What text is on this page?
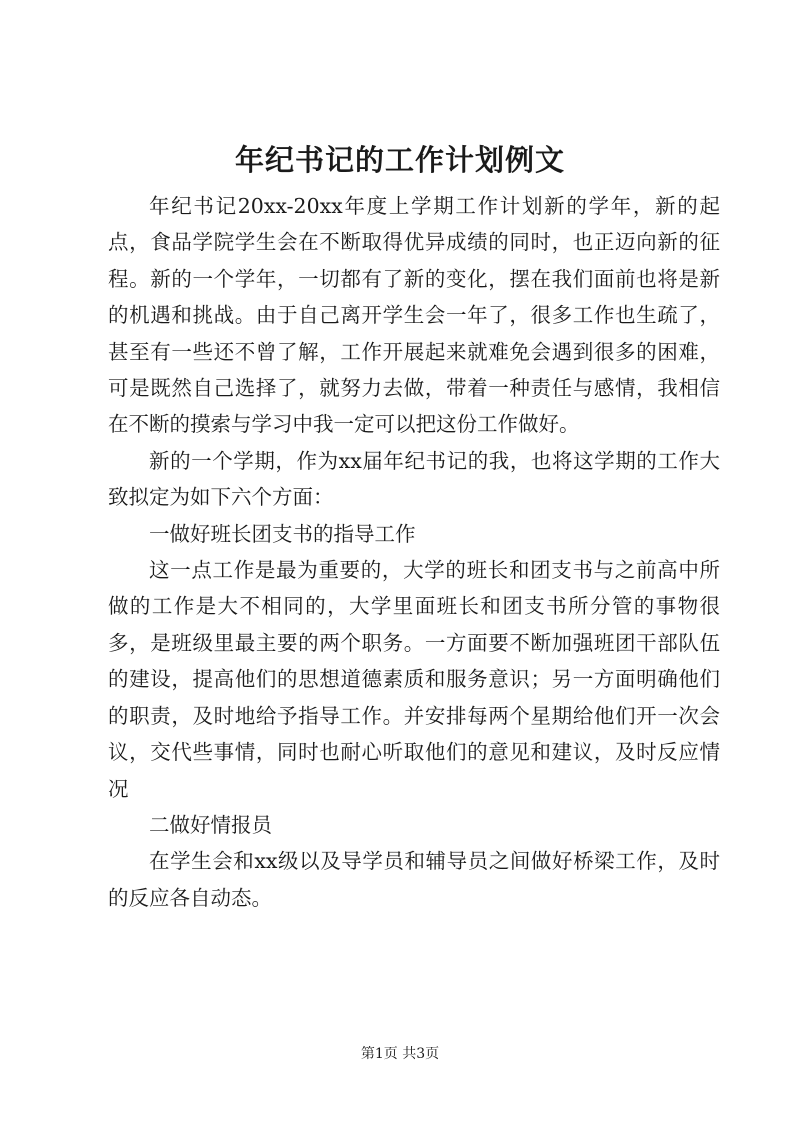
年纪书记的工作计划例文

年纪书记20xx-20xx年度上学期工作计划新的学年，新的起点，食品学院学生会在不断取得优异成绩的同时，也正迈向新的征程。新的一个学年，一切都有了新的变化，摆在我们面前也将是新的机遇和挑战。由于自己离开学生会一年了，很多工作也生疏了，甚至有一些还不曾了解，工作开展起来就难免会遇到很多的困难，可是既然自己选择了，就努力去做，带着一种责任与感情，我相信在不断的摸索与学习中我一定可以把这份工作做好。

新的一个学期，作为xx届年纪书记的我，也将这学期的工作大致拟定为如下六个方面：

一做好班长团支书的指导工作

这一点工作是最为重要的，大学的班长和团支书与之前高中所做的工作是大不相同的，大学里面班长和团支书所分管的事物很多，是班级里最主要的两个职务。一方面要不断加强班团干部队伍的建设，提高他们的思想道德素质和服务意识；另一方面明确他们的职责，及时地给予指导工作。并安排每两个星期给他们开一次会议，交代些事情，同时也耐心听取他们的意见和建议，及时反应情况

二做好情报员

在学生会和xx级以及导学员和辅导员之间做好桥梁工作，及时的反应各自动态。

第1页 共3页
